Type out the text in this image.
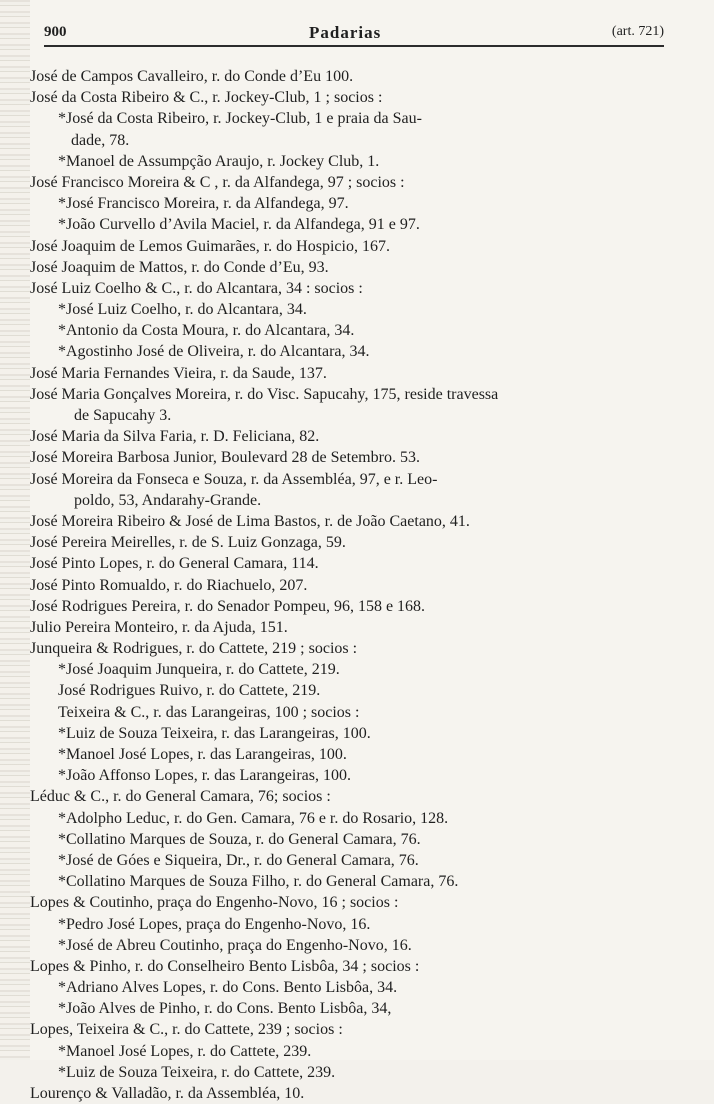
900	Padarias	(art. 721)
José de Campos Cavalleiro, r. do Conde d’Eu 100.
José da Costa Ribeiro & C., r. Jockey-Club, 1 ; socios :
*José da Costa Ribeiro, r. Jockey-Club, 1 e praia da Sau-
dade, 78.
*Manoel de Assumpção Araujo, r. Jockey Club, 1.
José Francisco Moreira & C , r. da Alfandega, 97 ; socios :
*José Francisco Moreira, r. da Alfandega, 97.
*João Curvello d’Avila Maciel, r. da Alfandega, 91 e 97.
José Joaquim de Lemos Guimarães, r. do Hospicio, 167.
José Joaquim de Mattos, r. do Conde d’Eu, 93.
José Luiz Coelho & C., r. do Alcantara, 34 : socios :
*José Luiz Coelho, r. do Alcantara, 34.
*Antonio da Costa Moura, r. do Alcantara, 34.
*Agostinho José de Oliveira, r. do Alcantara, 34.
José Maria Fernandes Vieira, r. da Saude, 137.
José Maria Gonçalves Moreira, r. do Visc. Sapucahy, 175, reside travessa
de Sapucahy 3.
José Maria da Silva Faria, r. D. Feliciana, 82.
José Moreira Barbosa Junior, Boulevard 28 de Setembro. 53.
José Moreira da Fonseca e Souza, r. da Assembléa, 97, e r. Leo-
poldo, 53, Andarahy-Grande.
José Moreira Ribeiro & José de Lima Bastos, r. de João Caetano, 41.
José Pereira Meirelles, r. de S. Luiz Gonzaga, 59.
José Pinto Lopes, r. do General Camara, 114.
José Pinto Romualdo, r. do Riachuelo, 207.
José Rodrigues Pereira, r. do Senador Pompeu, 96, 158 e 168.
Julio Pereira Monteiro, r. da Ajuda, 151.
Junqueira & Rodrigues, r. do Cattete, 219 ; socios :
*José Joaquim Junqueira, r. do Cattete, 219.
José Rodrigues Ruivo, r. do Cattete, 219.
Teixeira & C., r. das Larangeiras, 100 ; socios :
*Luiz de Souza Teixeira, r. das Larangeiras, 100.
*Manoel José Lopes, r. das Larangeiras, 100.
*João Affonso Lopes, r. das Larangeiras, 100.
Léduc & C., r. do General Camara, 76; socios :
*Adolpho Leduc, r. do Gen. Camara, 76 e r. do Rosario, 128.
*Collatino Marques de Souza, r. do General Camara, 76.
*José de Góes e Siqueira, Dr., r. do General Camara, 76.
*Collatino Marques de Souza Filho, r. do General Camara, 76.
Lopes & Coutinho, praça do Engenho-Novo, 16 ; socios :
*Pedro José Lopes, praça do Engenho-Novo, 16.
*José de Abreu Coutinho, praça do Engenho-Novo, 16.
Lopes & Pinho, r. do Conselheiro Bento Lisbôa, 34 ; socios :
*Adriano Alves Lopes, r. do Cons. Bento Lisbôa, 34.
*João Alves de Pinho, r. do Cons. Bento Lisbôa, 34,
Lopes, Teixeira & C., r. do Cattete, 239 ; socios :
*Manoel José Lopes, r. do Cattete, 239.
*Luiz de Souza Teixeira, r. do Cattete, 239.
Lourenço & Valladão, r. da Assembléa, 10.
